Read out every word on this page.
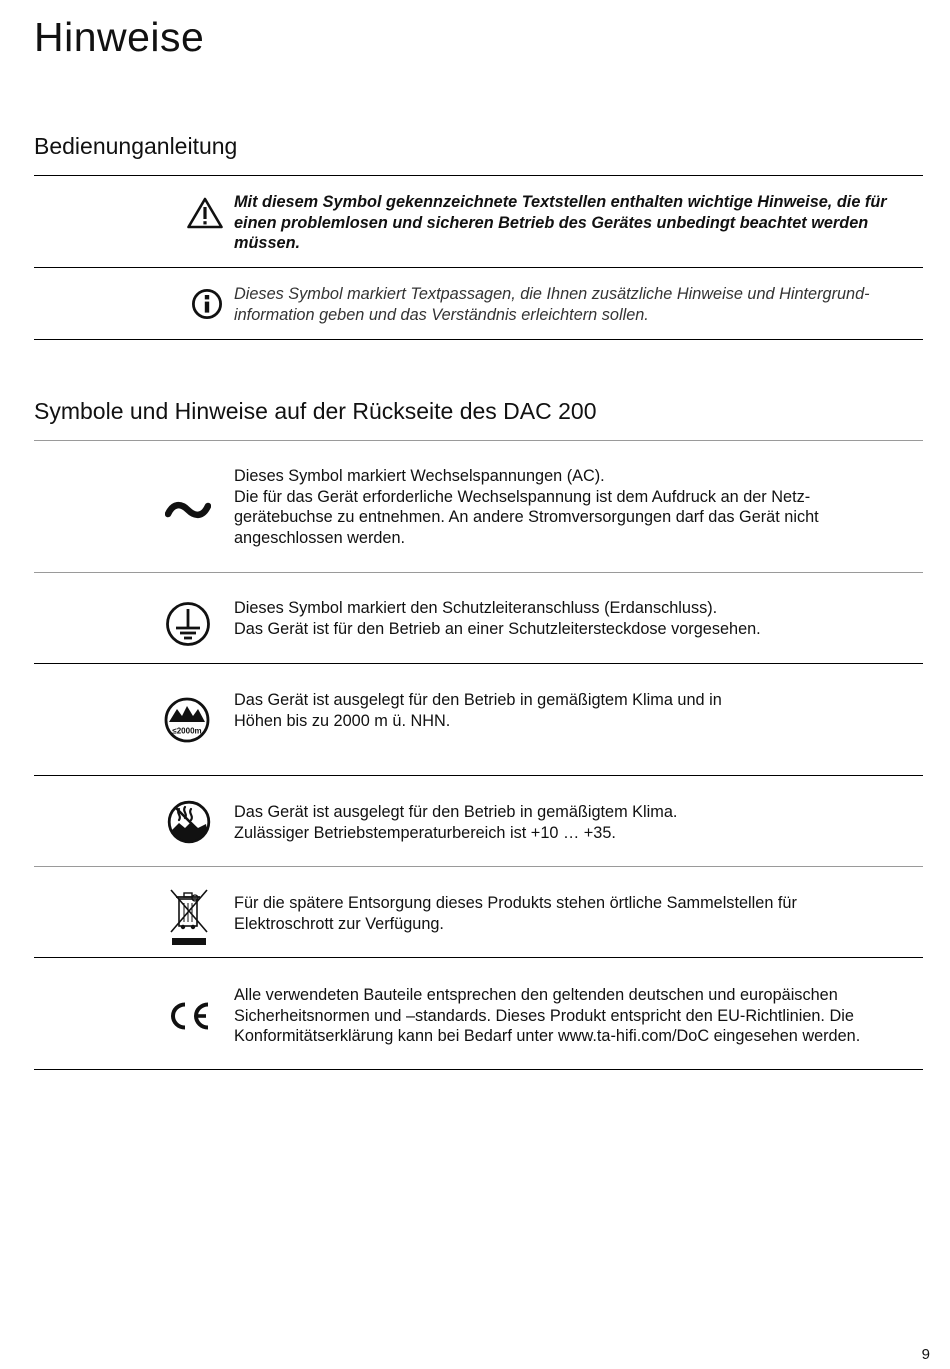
Hinweise
Bedienunganleitung

Mit diesem Symbol gekennzeichnete Textstellen enthalten wichtige Hinweise, die für
einen problemlosen und sicheren Betrieb des Gerätes unbedingt beachtet werden
müssen.

Dieses Symbol markiert Textpassagen, die Ihnen zusätzliche Hinweise und Hintergrund-
information geben und das Verständnis erleichtern sollen.

Symbole und Hinweise auf der Rückseite des DAC 200

Dieses Symbol markiert Wechselspannungen (AC).
Die für das Gerät erforderliche Wechselspannung ist dem Aufdruck an der Netz-
gerätebuchse zu entnehmen. An andere Stromversorgungen darf das Gerät nicht
angeschlossen werden.

Dieses Symbol markiert den Schutzleiteranschluss (Erdanschluss).
Das Gerät ist für den Betrieb an einer Schutzleitersteckdose vorgesehen.

≤2000m

Das Gerät ist ausgelegt für den Betrieb in gemäßigtem Klima und in
Höhen bis zu 2000 m ü. NHN.

Das Gerät ist ausgelegt für den Betrieb in gemäßigtem Klima.
Zulässiger Betriebstemperaturbereich ist +10 … +35.

Für die spätere Entsorgung dieses Produkts stehen örtliche Sammelstellen für
Elektroschrott zur Verfügung.

Alle verwendeten Bauteile entsprechen den geltenden deutschen und europäischen
Sicherheitsnormen und –standards. Dieses Produkt entspricht den EU-Richtlinien. Die
Konformitätserklärung kann bei Bedarf unter www.ta-hifi.com/DoC eingesehen werden.

9
